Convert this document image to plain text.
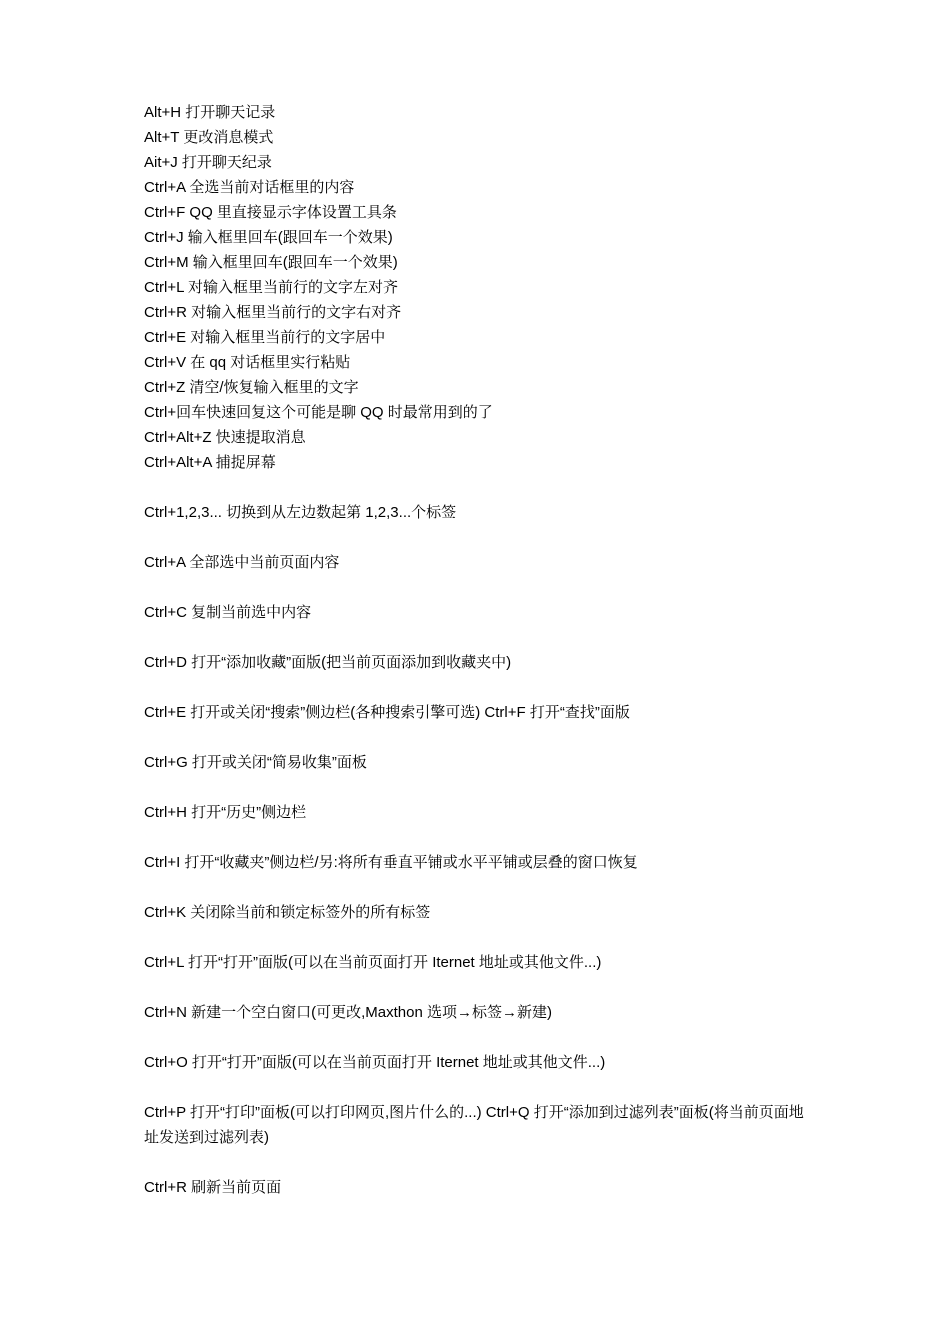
Alt+H 打开聊天记录
Alt+T 更改消息模式
Ait+J 打开聊天纪录
Ctrl+A 全选当前对话框里的内容
Ctrl+F QQ 里直接显示字体设置工具条
Ctrl+J 输入框里回车(跟回车一个效果)
Ctrl+M 输入框里回车(跟回车一个效果)
Ctrl+L 对输入框里当前行的文字左对齐
Ctrl+R 对输入框里当前行的文字右对齐
Ctrl+E 对输入框里当前行的文字居中
Ctrl+V 在 qq 对话框里实行粘贴
Ctrl+Z 清空/恢复输入框里的文字
Ctrl+回车快速回复这个可能是聊 QQ 时最常用到的了
Ctrl+Alt+Z 快速提取消息
Ctrl+Alt+A 捕捉屏幕
Ctrl+1,2,3... 切换到从左边数起第 1,2,3...个标签
Ctrl+A 全部选中当前页面内容
Ctrl+C 复制当前选中内容
Ctrl+D 打开“添加收藏”面版(把当前页面添加到收藏夹中)
Ctrl+E 打开或关闭“搜索”侧边栏(各种搜索引擎可选) Ctrl+F 打开“查找”面版
Ctrl+G 打开或关闭“简易收集”面板
Ctrl+H 打开“历史”侧边栏
Ctrl+I 打开“收藏夹”侧边栏/另:将所有垂直平铺或水平平铺或层叠的窗口恢复
Ctrl+K 关闭除当前和锁定标签外的所有标签
Ctrl+L 打开“打开”面版(可以在当前页面打开 Iternet 地址或其他文件...)
Ctrl+N 新建一个空白窗口(可更改,Maxthon 选项→标签→新建)
Ctrl+O 打开“打开”面版(可以在当前页面打开 Iternet 地址或其他文件...)
Ctrl+P 打开“打印”面板(可以打印网页,图片什么的...) Ctrl+Q 打开“添加到过滤列表”面板(将当前页面地址发送到过滤列表)
Ctrl+R 刷新当前页面
